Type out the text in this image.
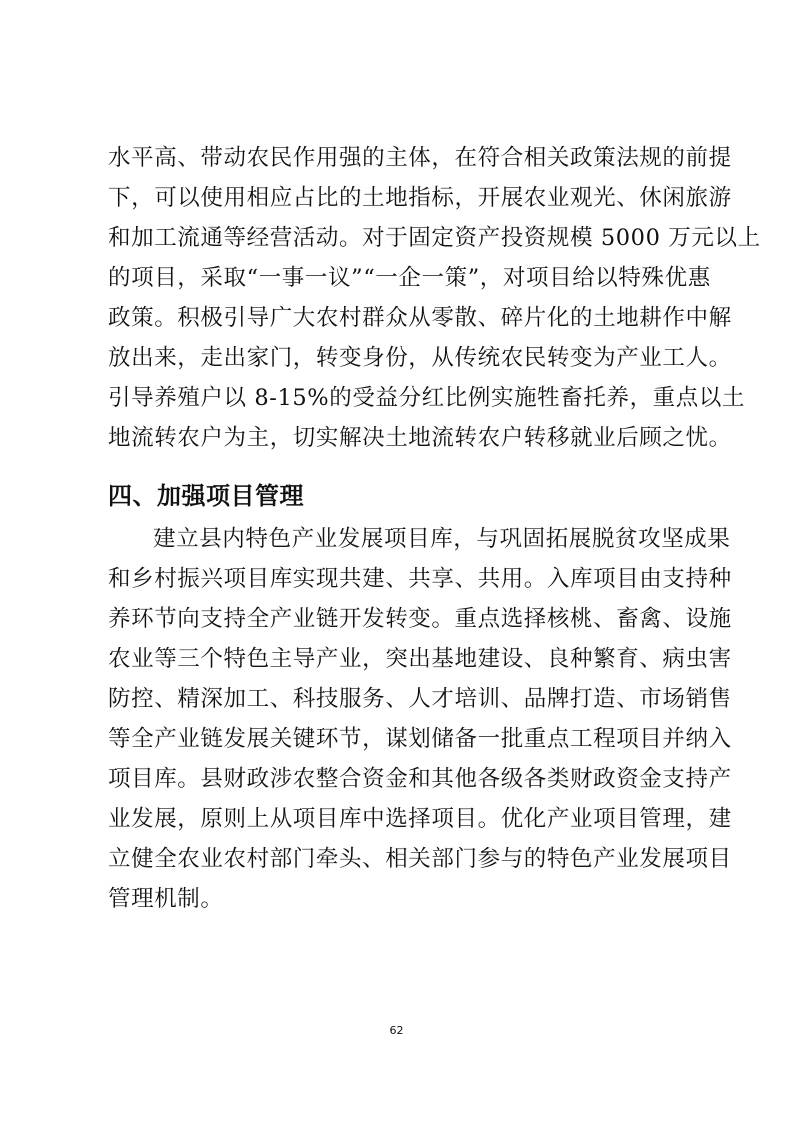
水平高、带动农民作用强的主体，在符合相关政策法规的前提
下，可以使用相应占比的土地指标，开展农业观光、休闲旅游
和加工流通等经营活动。对于固定资产投资规模 5000 万元以上
的项目，采取“一事一议”“一企一策”，对项目给以特殊优惠
政策。积极引导广大农村群众从零散、碎片化的土地耕作中解
放出来，走出家门，转变身份，从传统农民转变为产业工人。
引导养殖户以 8-15%的受益分红比例实施牲畜托养，重点以土
地流转农户为主，切实解决土地流转农户转移就业后顾之忧。
四、加强项目管理
建立县内特色产业发展项目库，与巩固拓展脱贫攻坚成果
和乡村振兴项目库实现共建、共享、共用。入库项目由支持种
养环节向支持全产业链开发转变。重点选择核桃、畜禽、设施
农业等三个特色主导产业，突出基地建设、良种繁育、病虫害
防控、精深加工、科技服务、人才培训、品牌打造、市场销售
等全产业链发展关键环节，谋划储备一批重点工程项目并纳入
项目库。县财政涉农整合资金和其他各级各类财政资金支持产
业发展，原则上从项目库中选择项目。优化产业项目管理，建
立健全农业农村部门牵头、相关部门参与的特色产业发展项目
管理机制。
62
